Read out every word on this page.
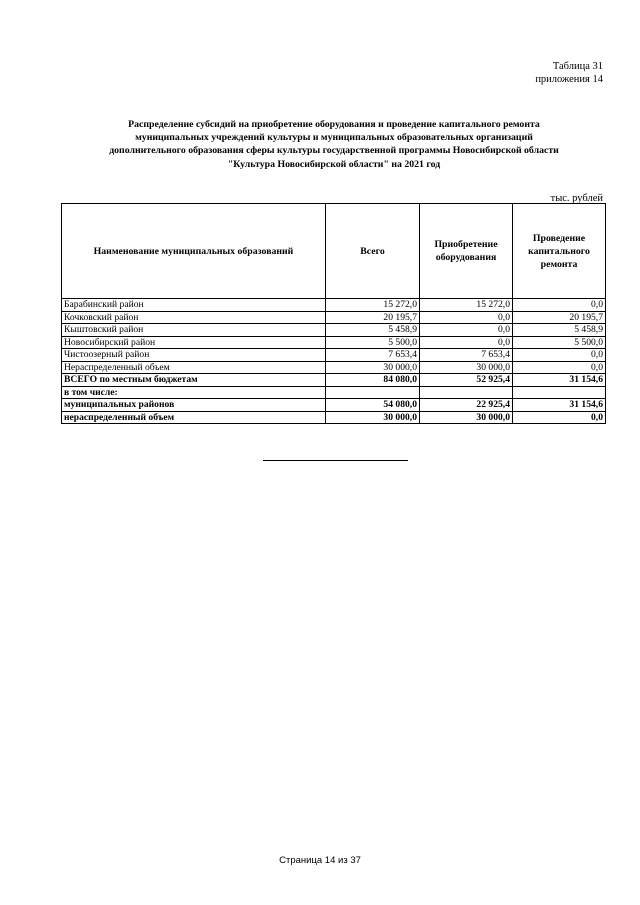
Таблица 31
приложения 14
Распределение субсидий на приобретение оборудования и проведение капитального ремонта
муниципальных учреждений культуры и муниципальных образовательных организаций
дополнительного образования сферы культуры государственной программы Новосибирской области
"Культура Новосибирской области" на 2021 год
тыс. рублей
Наименование муниципальных образований	Всего	Приобретение оборудования	Проведение капитального ремонта
Барабинский район	15 272,0	15 272,0	0,0
Кочковский район	20 195,7	0,0	20 195,7
Кыштовский район	5 458,9	0,0	5 458,9
Новосибирский район	5 500,0	0,0	5 500,0
Чистоозерный район	7 653,4	7 653,4	0,0
Нераспределенный объем	30 000,0	30 000,0	0,0
ВСЕГО по местным бюджетам	84 080,0	52 925,4	31 154,6
в том числе:			
муниципальных районов	54 080,0	22 925,4	31 154,6
нераспределенный объем	30 000,0	30 000,0	0,0
Страница 14 из 37
